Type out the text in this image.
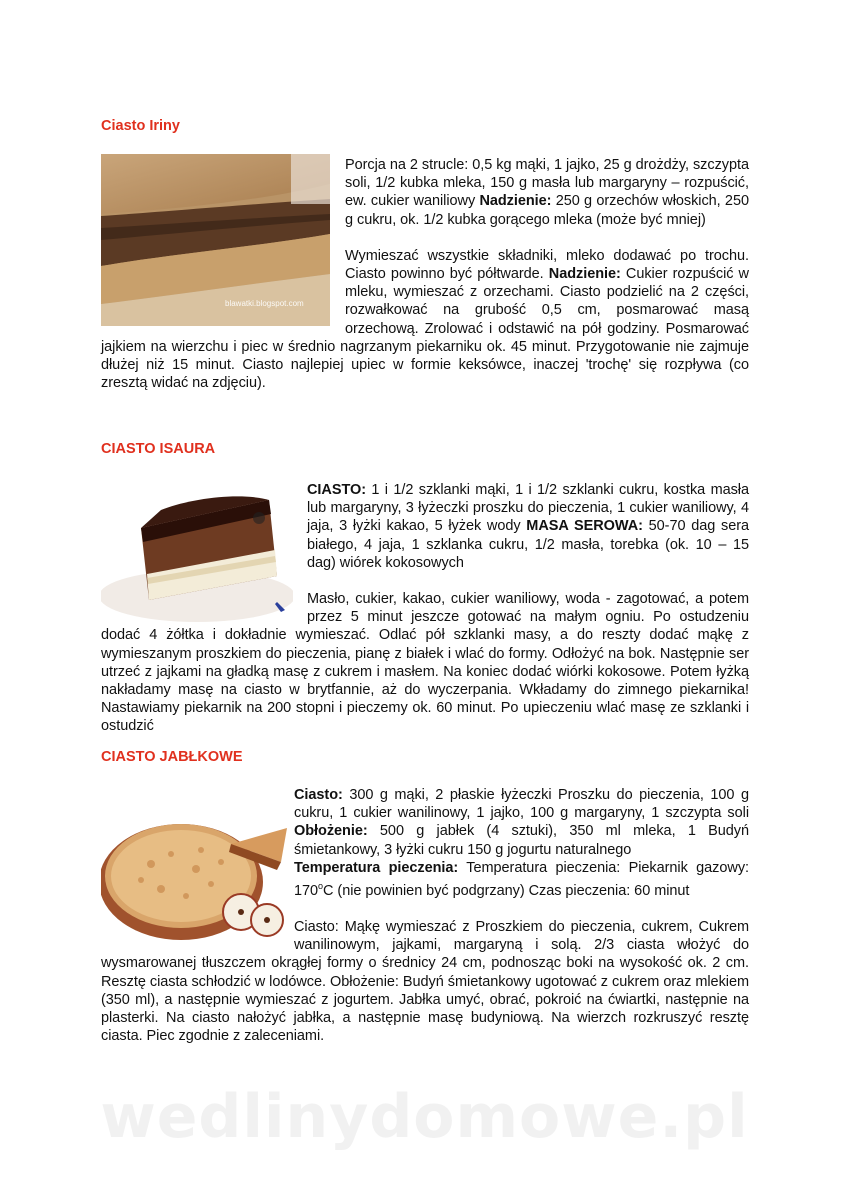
Ciasto Iriny
blawatki.blogspot.com

Porcja na 2 strucle: 0,5 kg mąki, 1 jajko, 25 g drożdży, szczypta soli, 1/2 kubka mleka, 150 g masła lub margaryny – rozpuścić, ew. cukier waniliowy Nadzienie: 250 g orzechów włoskich, 250 g cukru, ok. 1/2 kubka gorącego mleka (może być mniej)

Wymieszać wszystkie składniki, mleko dodawać po trochu. Ciasto powinno być półtwarde. Nadzienie: Cukier rozpuścić w mleku, wymieszać z orzechami. Ciasto podzielić na 2 części, rozwałkować na grubość 0,5 cm, posmarować masą orzechową. Zrolować i odstawić na pół godziny. Posmarować jajkiem na wierzchu i piec w średnio nagrzanym piekarniku ok. 45 minut. Przygotowanie nie zajmuje dłużej niż 15 minut. Ciasto najlepiej upiec w formie keksówce, inaczej 'trochę' się rozpływa (co zresztą widać na zdjęciu).

CIASTO ISAURA

CIASTO: 1 i 1/2 szklanki mąki, 1 i 1/2 szklanki cukru, kostka masła lub margaryny, 3 łyżeczki proszku do pieczenia, 1 cukier waniliowy, 4 jaja, 3 łyżki kakao, 5 łyżek wody MASA SEROWA: 50-70 dag sera białego, 4 jaja, 1 szklanka cukru, 1/2 masła, torebka (ok. 10 – 15 dag) wiórek kokosowych

Masło, cukier, kakao, cukier waniliowy, woda - zagotować, a potem przez 5 minut jeszcze gotować na małym ogniu. Po ostudzeniu dodać 4 żółtka i dokładnie wymieszać. Odlać pół szklanki masy, a do reszty dodać mąkę z wymieszanym proszkiem do pieczenia, pianę z białek i wlać do formy. Odłożyć na bok. Następnie ser utrzeć z jajkami na gładką masę z cukrem i masłem. Na koniec dodać wiórki kokosowe. Potem łyżką nakładamy masę na ciasto w brytfannie, aż do wyczerpania. Wkładamy do zimnego piekarnika! Nastawiamy piekarnik na 200 stopni i pieczemy ok. 60 minut. Po upieczeniu wlać masę ze szklanki i ostudzić

CIASTO JABŁKOWE

Ciasto: 300 g mąki, 2 płaskie łyżeczki Proszku do pieczenia, 100 g cukru, 1 cukier wanilinowy, 1 jajko, 100 g margaryny, 1 szczypta soli Obłożenie: 500 g jabłek (4 sztuki), 350 ml mleka, 1 Budyń śmietankowy, 3 łyżki cukru 150 g jogurtu naturalnego
Temperatura pieczenia: Temperatura pieczenia: Piekarnik gazowy: 170$^o$C (nie powinien być podgrzany) Czas pieczenia: 60 minut

Ciasto: Mąkę wymieszać z Proszkiem do pieczenia, cukrem, Cukrem wanilinowym, jajkami, margaryną i solą. 2/3 ciasta włożyć do wysmarowanej tłuszczem okrągłej formy o średnicy 24 cm, podnosząc boki na wysokość ok. 2 cm. Resztę ciasta schłodzić w lodówce. Obłożenie: Budyń śmietankowy ugotować z cukrem oraz mlekiem (350 ml), a następnie wymieszać z jogurtem. Jabłka umyć, obrać, pokroić na ćwiartki, następnie na plasterki. Na ciasto nałożyć jabłka, a następnie masę budyniową. Na wierzch rozkruszyć resztę ciasta. Piec zgodnie z zaleceniami.

wedlinydomowe.pl
